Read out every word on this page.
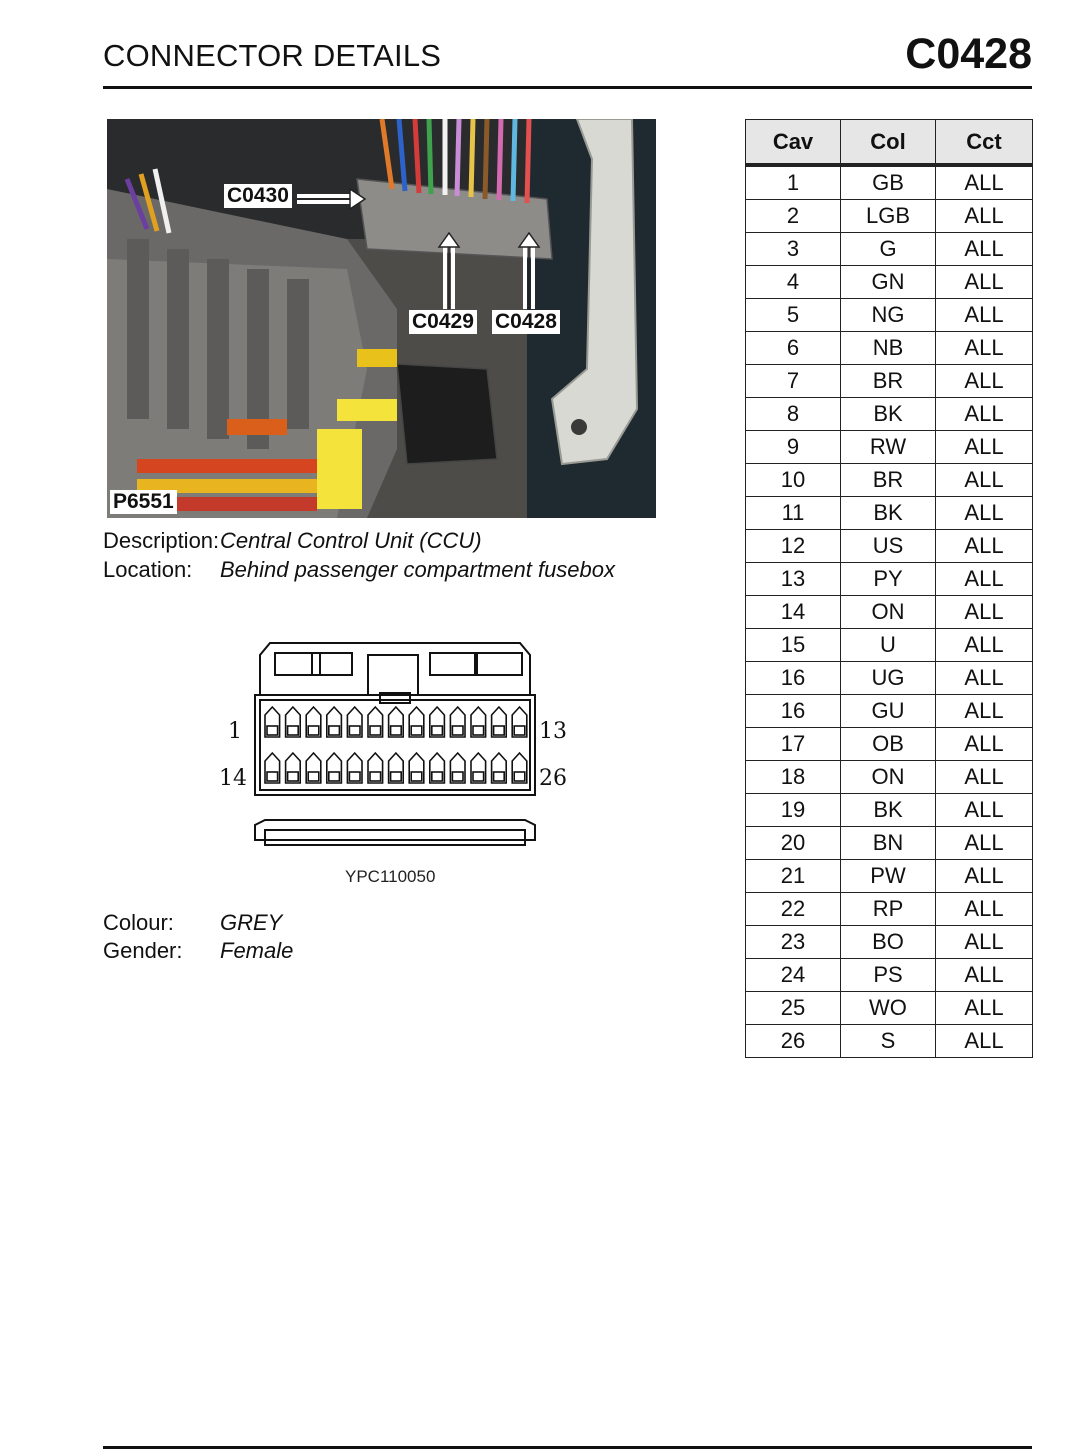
CONNECTOR DETAILS	C0428
C0430
C0429 C0428
P6551
Description: Central Control Unit (CCU)
Location: Behind passenger compartment fusebox
1	13
14	26
YPC110050
Colour: GREY
Gender: Female
Cav	Col	Cct
1	GB	ALL
2	LGB	ALL
3	G	ALL
4	GN	ALL
5	NG	ALL
6	NB	ALL
7	BR	ALL
8	BK	ALL
9	RW	ALL
10	BR	ALL
11	BK	ALL
12	US	ALL
13	PY	ALL
14	ON	ALL
15	U	ALL
16	UG	ALL
16	GU	ALL
17	OB	ALL
18	ON	ALL
19	BK	ALL
20	BN	ALL
21	PW	ALL
22	RP	ALL
23	BO	ALL
24	PS	ALL
25	WO	ALL
26	S	ALL
